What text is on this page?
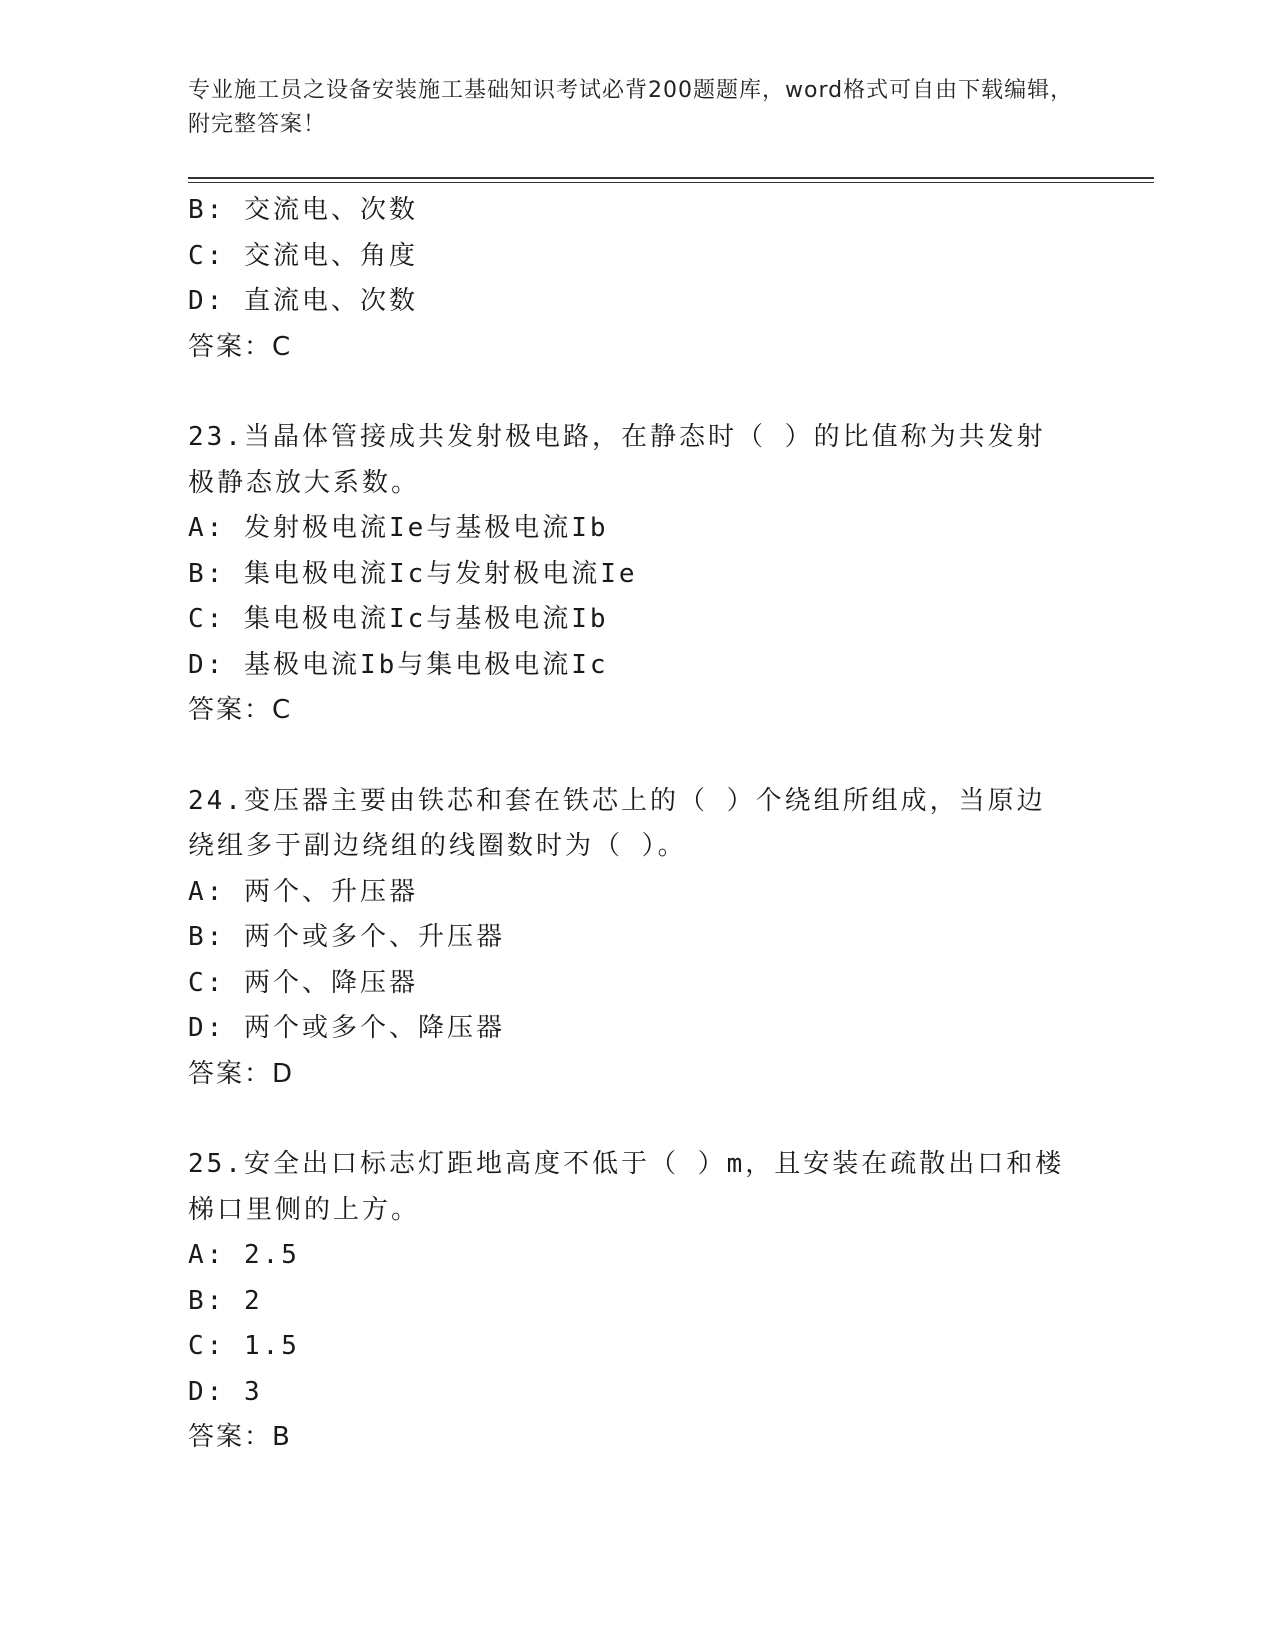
专业施工员之设备安装施工基础知识考试必背200题题库，word格式可自由下载编辑，附完整答案！
B: 交流电、次数
C: 交流电、角度
D: 直流电、次数
答案：C
23.当晶体管接成共发射极电路，在静态时（ ）的比值称为共发射极静态放大系数。
A: 发射极电流Ie与基极电流Ib
B: 集电极电流Ic与发射极电流Ie
C: 集电极电流Ic与基极电流Ib
D: 基极电流Ib与集电极电流Ic
答案：C
24.变压器主要由铁芯和套在铁芯上的（ ）个绕组所组成，当原边绕组多于副边绕组的线圈数时为（ ）。
A: 两个、升压器
B: 两个或多个、升压器
C: 两个、降压器
D: 两个或多个、降压器
答案：D
25.安全出口标志灯距地高度不低于（ ）m，且安装在疏散出口和楼梯口里侧的上方。
A: 2.5
B: 2
C: 1.5
D: 3
答案：B
